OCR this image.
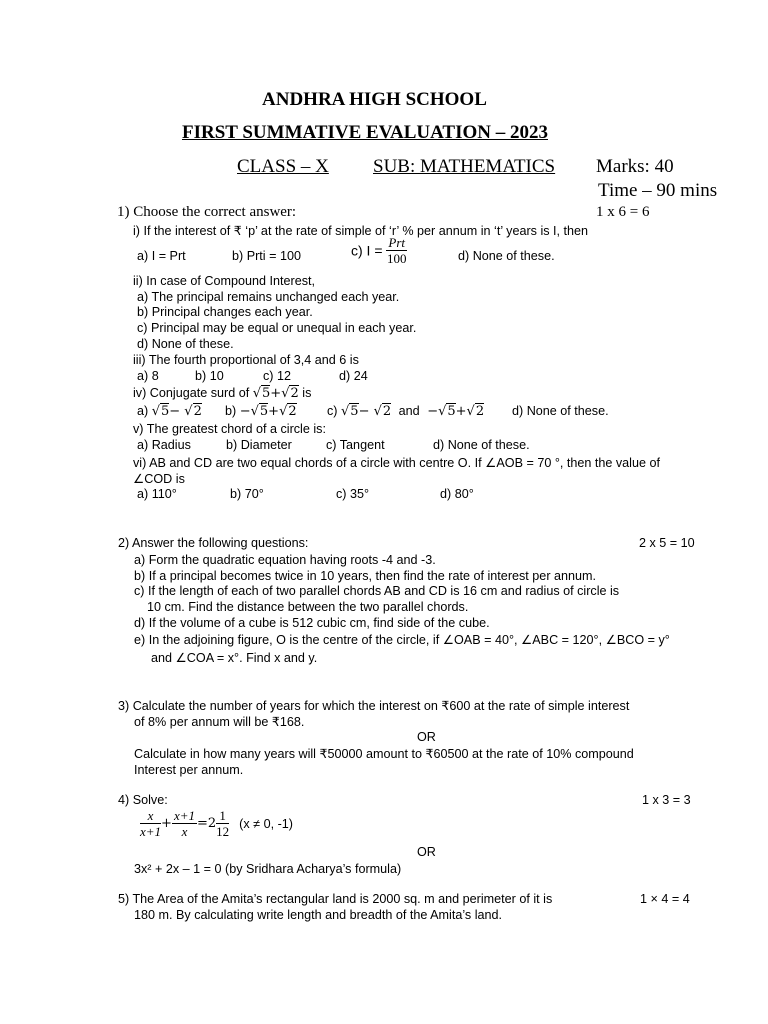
ANDHRA HIGH SCHOOL
FIRST SUMMATIVE EVALUATION – 2023
CLASS – X SUB: MATHEMATICS Marks: 40
Time – 90 mins
1) Choose the correct answer:	1 x 6 = 6
i) If the interest of ₹ ‘p’ at the rate of simple of ‘r’ % per annum in ‘t’ years is I, then
a) I = Prt	b) Prti = 100	c) $I = \frac{\text{Prt}}{100}$	d) None of these.
ii) In case of Compound Interest,
a) The principal remains unchanged each year.
b) Principal changes each year.
c) Principal may be equal or unequal in each year.
d) None of these.
iii) The fourth proportional of 3,4 and 6 is
a) 8	b) 10	c) 12	d) 24
iv) Conjugate surd of √5+√2 is
a) √5− √2 b) −√5+√2 c) √5− √2 and −√5+√2 d) None of these.
v) The greatest chord of a circle is:
a) Radius	b) Diameter	c) Tangent	d) None of these.
vi) AB and CD are two equal chords of a circle with centre O. If ∠AOB = 70 °, then the value of
∠COD is
a) 110°	b) 70°	c) 35°	d) 80°
2) Answer the following questions:	2 x 5 = 10
a) Form the quadratic equation having roots -4 and -3.
b) If a principal becomes twice in 10 years, then find the rate of interest per annum.
c) If the length of each of two parallel chords AB and CD is 16 cm and radius of circle is
10 cm. Find the distance between the two parallel chords.
d) If the volume of a cube is 512 cubic cm, find side of the cube.
e) In the adjoining figure, O is the centre of the circle, if ∠OAB = 40°, ∠ABC = 120°, ∠BCO = y°
and ∠COA = x°. Find x and y.
3) Calculate the number of years for which the interest on ₹600 at the rate of simple interest
of 8% per annum will be ₹168.
OR
Calculate in how many years will ₹50000 amount to ₹60500 at the rate of 10% compound
Interest per annum.
4) Solve:	1 x 3 = 3
$\frac{x}{x+1} + \frac{x+1}{x} =2 \frac{1}{12} (x \ne 0$, -1)
OR
3x² + 2x – 1 = 0 (by Sridhara Acharya’s formula)
5) The Area of the Amita’s rectangular land is 2000 sq. m and perimeter of it is	1 × 4 = 4
180 m. By calculating write length and breadth of the Amita’s land.
